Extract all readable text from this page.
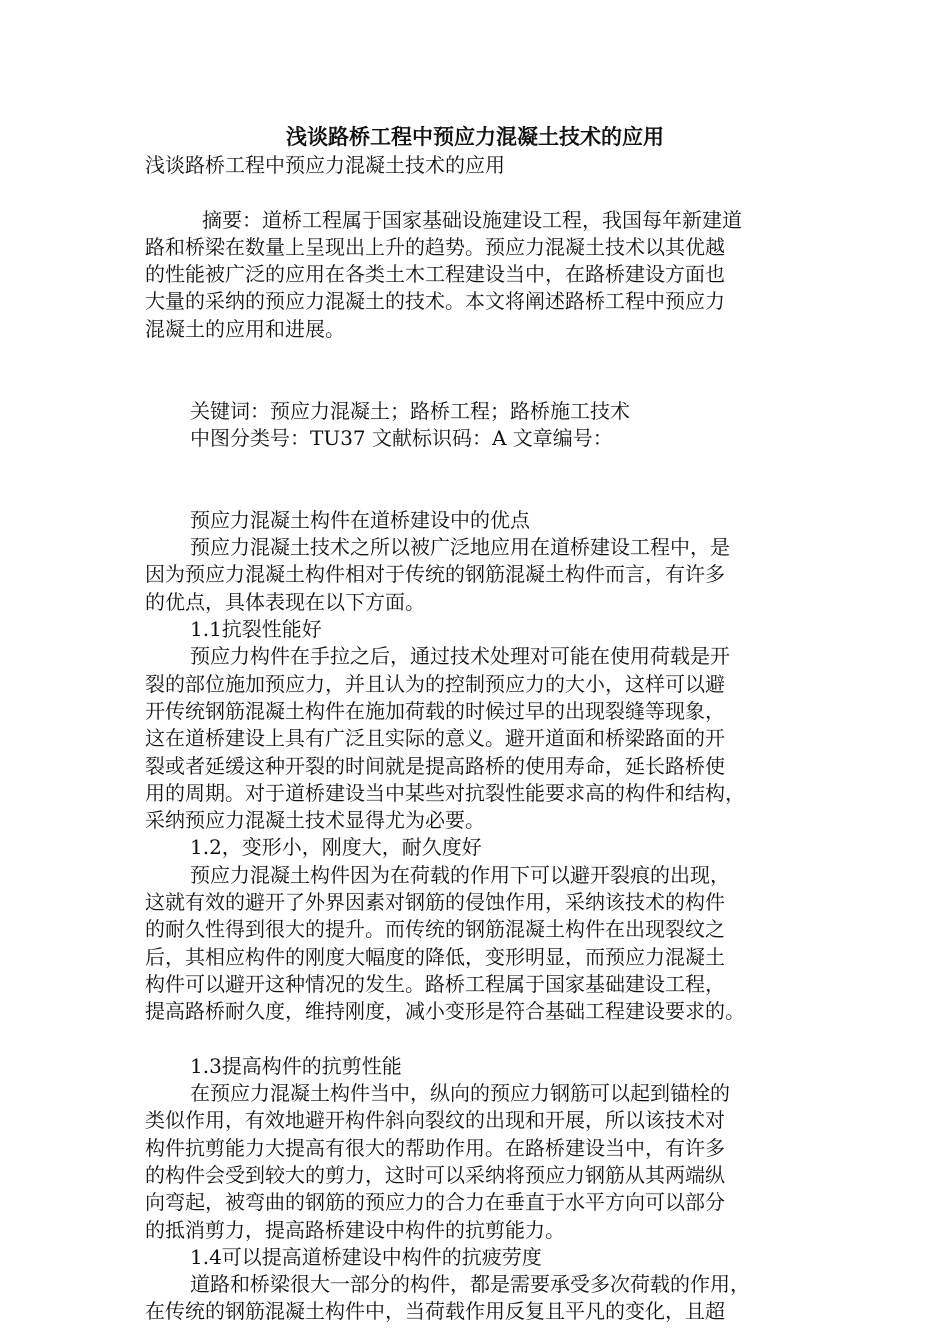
浅谈路桥工程中预应力混凝土技术的应用
浅谈路桥工程中预应力混凝土技术的应用
摘要：道桥工程属于国家基础设施建设工程，我国每年新建道
路和桥梁在数量上呈现出上升的趋势。预应力混凝土技术以其优越
的性能被广泛的应用在各类土木工程建设当中，在路桥建设方面也
大量的采纳的预应力混凝土的技术。本文将阐述路桥工程中预应力
混凝土的应用和进展。
关键词：预应力混凝土；路桥工程；路桥施工技术
中图分类号：TU37 文献标识码：A 文章编号：
预应力混凝土构件在道桥建设中的优点
预应力混凝土技术之所以被广泛地应用在道桥建设工程中，是
因为预应力混凝土构件相对于传统的钢筋混凝土构件而言，有许多
的优点，具体表现在以下方面。
1.1抗裂性能好
预应力构件在手拉之后，通过技术处理对可能在使用荷载是开
裂的部位施加预应力，并且认为的控制预应力的大小，这样可以避
开传统钢筋混凝土构件在施加荷载的时候过早的出现裂缝等现象，
这在道桥建设上具有广泛且实际的意义。避开道面和桥梁路面的开
裂或者延缓这种开裂的时间就是提高路桥的使用寿命，延长路桥使
用的周期。对于道桥建设当中某些对抗裂性能要求高的构件和结构，
采纳预应力混凝土技术显得尤为必要。
1.2，变形小，刚度大，耐久度好
预应力混凝土构件因为在荷载的作用下可以避开裂痕的出现，
这就有效的避开了外界因素对钢筋的侵蚀作用，采纳该技术的构件
的耐久性得到很大的提升。而传统的钢筋混凝土构件在出现裂纹之
后，其相应构件的刚度大幅度的降低，变形明显，而预应力混凝土
构件可以避开这种情况的发生。路桥工程属于国家基础建设工程，
提高路桥耐久度，维持刚度，减小变形是符合基础工程建设要求的。
1.3提高构件的抗剪性能
在预应力混凝土构件当中，纵向的预应力钢筋可以起到锚栓的
类似作用，有效地避开构件斜向裂纹的出现和开展，所以该技术对
构件抗剪能力大提高有很大的帮助作用。在路桥建设当中，有许多
的构件会受到较大的剪力，这时可以采纳将预应力钢筋从其两端纵
向弯起，被弯曲的钢筋的预应力的合力在垂直于水平方向可以部分
的抵消剪力，提高路桥建设中构件的抗剪能力。
1.4可以提高道桥建设中构件的抗疲劳度
道路和桥梁很大一部分的构件，都是需要承受多次荷载的作用，
在传统的钢筋混凝土构件中，当荷载作用反复且平凡的变化，且超
